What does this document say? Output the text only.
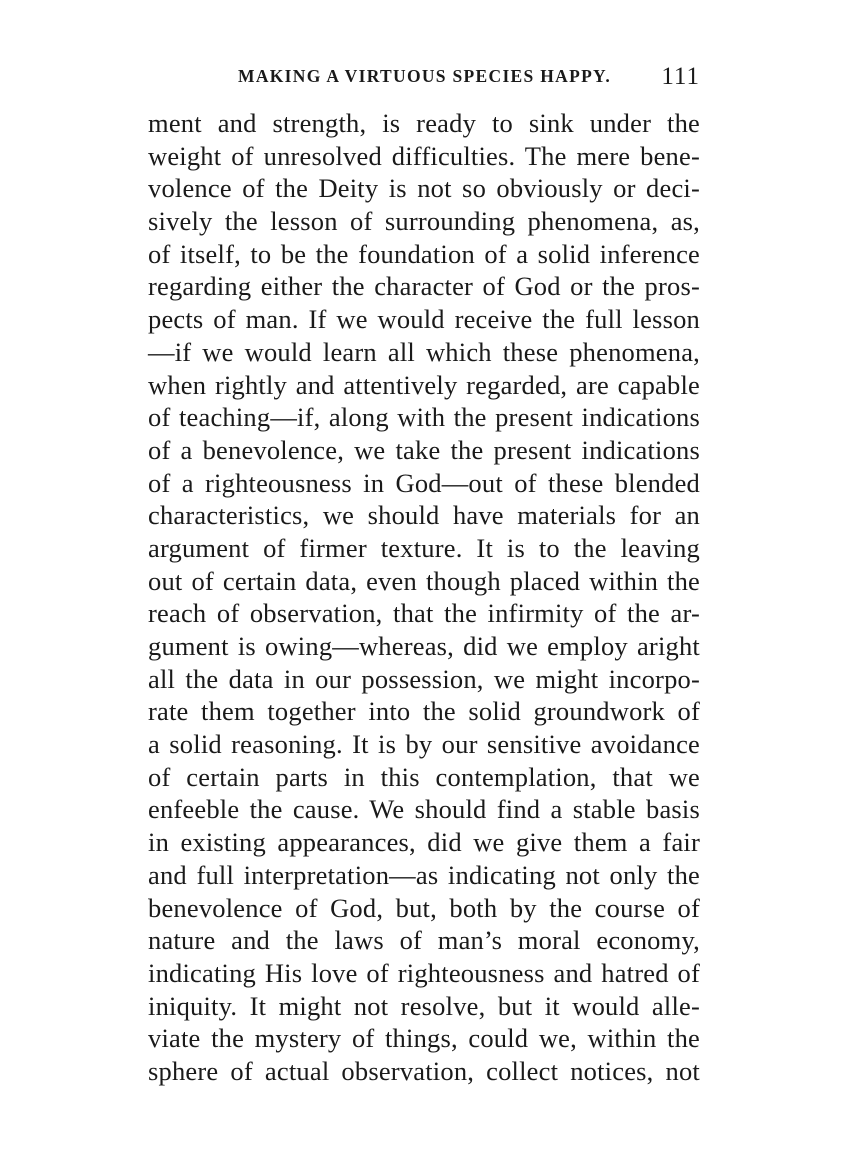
MAKING A VIRTUOUS SPECIES HAPPY. 111
ment and strength, is ready to sink under the
weight of unresolved difficulties. The mere bene-
volence of the Deity is not so obviously or deci-
sively the lesson of surrounding phenomena, as,
of itself, to be the foundation of a solid inference
regarding either the character of God or the pros-
pects of man. If we would receive the full lesson
—if we would learn all which these phenomena,
when rightly and attentively regarded, are capable
of teaching—if, along with the present indications
of a benevolence, we take the present indications
of a righteousness in God—out of these blended
characteristics, we should have materials for an
argument of firmer texture. It is to the leaving
out of certain data, even though placed within the
reach of observation, that the infirmity of the ar-
gument is owing—whereas, did we employ aright
all the data in our possession, we might incorpo-
rate them together into the solid groundwork of
a solid reasoning. It is by our sensitive avoidance
of certain parts in this contemplation, that we
enfeeble the cause. We should find a stable basis
in existing appearances, did we give them a fair
and full interpretation—as indicating not only the
benevolence of God, but, both by the course of
nature and the laws of man’s moral economy,
indicating His love of righteousness and hatred of
iniquity. It might not resolve, but it would alle-
viate the mystery of things, could we, within the
sphere of actual observation, collect notices, not
